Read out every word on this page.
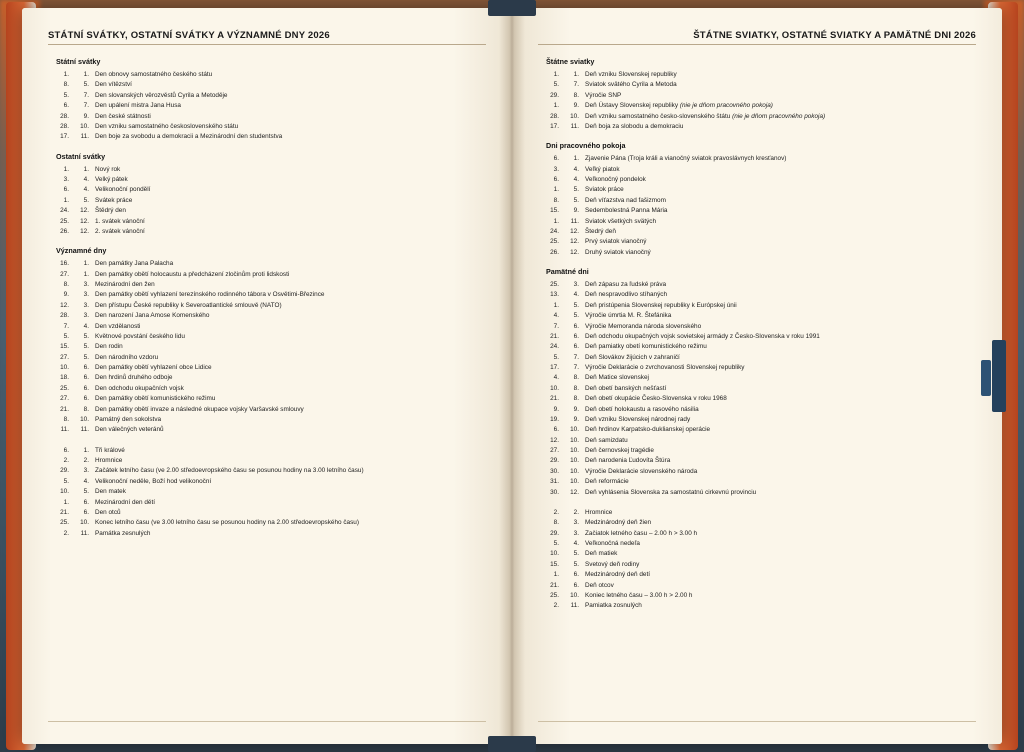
STÁTNÍ SVÁTKY, OSTATNÍ SVÁTKY A VÝZNAMNÉ DNY 2026
Státní svátky
1.	1. Den obnovy samostatného českého státu
8.	5. Den vítězství
5.	7. Den slovanských věrozvěstů Cyrila a Metoděje
6.	7. Den upálení mistra Jana Husa
28.	9. Den české státnosti
28.	10. Den vzniku samostatného československého státu
17.	11. Den boje za svobodu a demokracii a Mezinárodní den studentstva
Ostatní svátky
1.	1. Nový rok
3.	4. Velký pátek
6.	4. Velikonoční pondělí
1.	5. Svátek práce
24.	12. Štědrý den
25.	12. 1. svátek vánoční
26.	12. 2. svátek vánoční
Významné dny
16.	1. Den památky Jana Palacha
27.	1. Den památky obětí holocaustu a předcházení zločinům proti lidskosti
8.	3. Mezinárodní den žen
9.	3. Den památky obětí vyhlazení terezínského rodinného tábora v Osvětimi-Březince
12.	3. Den přístupu České republiky k Severoatlantické smlouvě (NATO)
28.	3. Den narození Jana Amose Komenského
7.	4. Den vzdělanosti
5.	5. Květnové povstání českého lidu
15.	5. Den rodin
27.	5. Den národního vzdoru
10.	6. Den památky obětí vyhlazení obce Lidice
18.	6. Den hrdinů druhého odboje
25.	6. Den odchodu okupačních vojsk
27.	6. Den památky obětí komunistického režimu
21.	8. Den památky obětí invaze a následné okupace vojsky Varšavské smlouvy
8.	10. Památný den sokolstva
11.	11. Den válečných veteránů
6.	1. Tři králové
2.	2. Hromnice
29.	3. Začátek letního času (ve 2.00 středoevropského času se posunou hodiny na 3.00 letního času)
5.	4. Velikonoční neděle, Boží hod velikonoční
10.	5. Den matek
1.	6. Mezinárodní den dětí
21.	6. Den otců
25.	10. Konec letního času (ve 3.00 letního času se posunou hodiny na 2.00 středoevropského času)
2.	11. Památka zesnulých
ŠTÁTNE SVIATKY, OSTATNÉ SVIATKY A PAMÄTNÉ DNI 2026
Štátne sviatky
1.	1. Deň vzniku Slovenskej republiky
5.	7. Sviatok svätého Cyrila a Metoda
29.	8. Výročie SNP
1.	9. Deň Ústavy Slovenskej republiky (nie je dňom pracovného pokoja)
28.	10. Deň vzniku samostatného česko-slovenského štátu (nie je dňom pracovného pokoja)
17.	11. Deň boja za slobodu a demokraciu
Dni pracovného pokoja
6.	1. Zjavenie Pána (Troja králi a vianočný sviatok pravoslávnych kresťanov)
3.	4. Veľký piatok
6.	4. Veľkonočný pondelok
1.	5. Sviatok práce
8.	5. Deň víťazstva nad fašizmom
15.	9. Sedembolestná Panna Mária
1.	11. Sviatok všetkých svätých
24.	12. Štedrý deň
25.	12. Prvý sviatok vianočný
26.	12. Druhý sviatok vianočný
Pamätné dni
25.	3. Deň zápasu za ľudské práva
13.	4. Deň nespravodlivo stíhaných
1.	5. Deň pristúpenia Slovenskej republiky k Európskej únii
4.	5. Výročie úmrtia M. R. Štefánika
7.	6. Výročie Memoranda národa slovenského
21.	6. Deň odchodu okupačných vojsk sovietskej armády z Česko-Slovenska v roku 1991
24.	6. Deň pamiatky obetí komunistického režimu
5.	7. Deň Slovákov žijúcich v zahraničí
17.	7. Výročie Deklarácie o zvrchovanosti Slovenskej republiky
4.	8. Deň Matice slovenskej
10.	8. Deň obetí banských nešťastí
21.	8. Deň obetí okupácie Česko-Slovenska v roku 1968
9.	9. Deň obetí holokaustu a rasového násilia
19.	9. Deň vzniku Slovenskej národnej rady
6.	10. Deň hrdinov Karpatsko-duklianskej operácie
12.	10. Deň samizdatu
27.	10. Deň černovskej tragédie
29.	10. Deň narodenia Ľudovíta Štúra
30.	10. Výročie Deklarácie slovenského národa
31.	10. Deň reformácie
30.	12. Deň vyhlásenia Slovenska za samostatnú cirkevnú provinciu
2.	2. Hromnice
8.	3. Medzinárodný deň žien
29.	3. Začiatok letného času – 2.00 h > 3.00 h
5.	4. Veľkonočná nedeľa
10.	5. Deň matiek
15.	5. Svetový deň rodiny
1.	6. Medzinárodný deň detí
21.	6. Deň otcov
25.	10. Koniec letného času – 3.00 h > 2.00 h
2.	11. Pamiatka zosnulých
